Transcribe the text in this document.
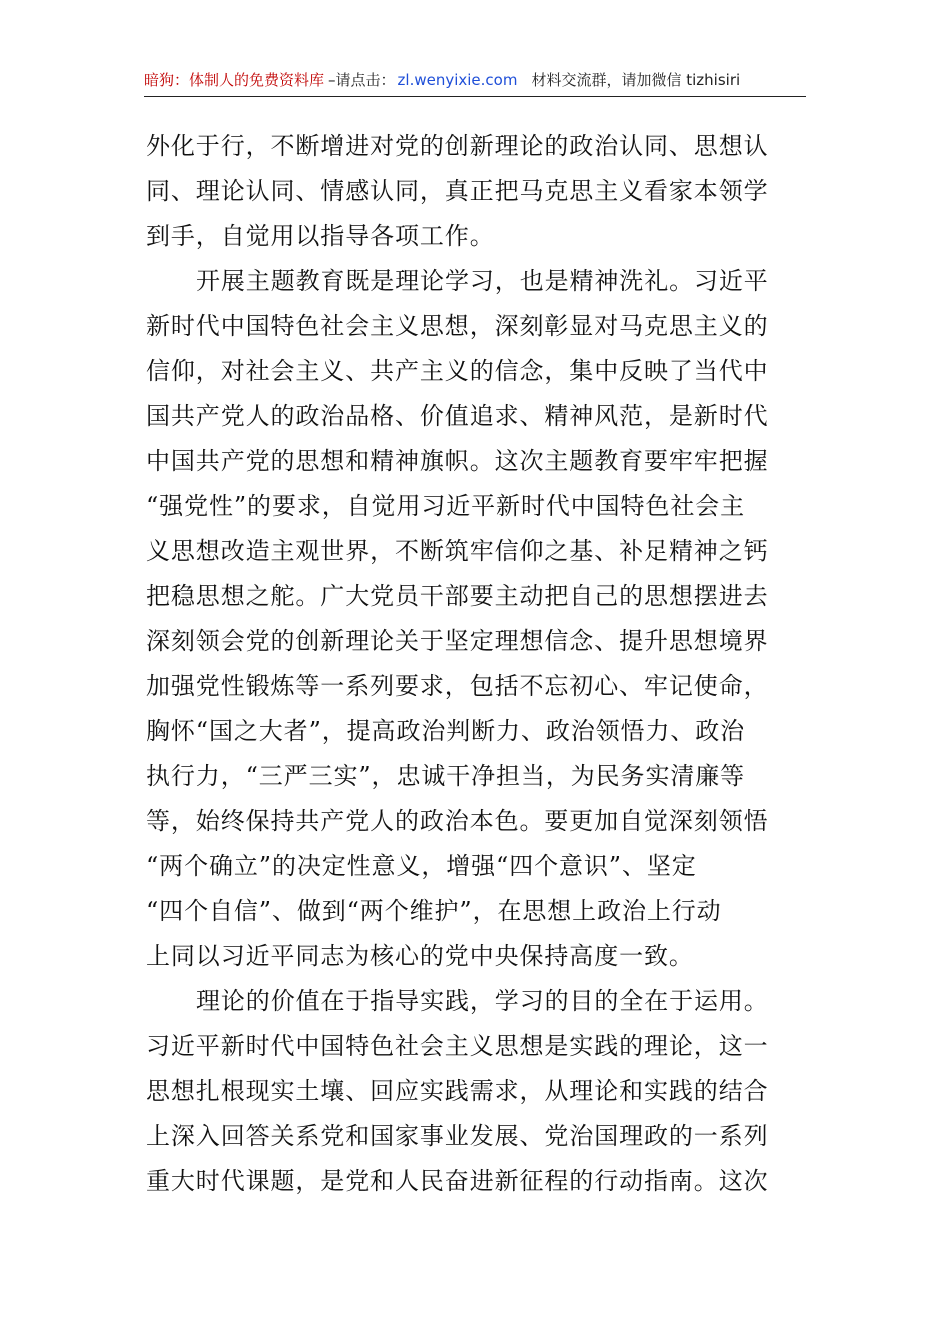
暗狗：体制人的免费资料库 –请点击： zl.wenyixie.com 材料交流群，请加微信 tizhisiri
外化于行，不断增进对党的创新理论的政治认同、思想认
同、理论认同、情感认同，真正把马克思主义看家本领学
到手，自觉用以指导各项工作。
开展主题教育既是理论学习，也是精神洗礼。习近平
新时代中国特色社会主义思想，深刻彰显对马克思主义的
信仰，对社会主义、共产主义的信念，集中反映了当代中
国共产党人的政治品格、价值追求、精神风范，是新时代
中国共产党的思想和精神旗帜。这次主题教育要牢牢把握
“强党性”的要求，自觉用习近平新时代中国特色社会主
义思想改造主观世界，不断筑牢信仰之基、补足精神之钙
把稳思想之舵。广大党员干部要主动把自己的思想摆进去
深刻领会党的创新理论关于坚定理想信念、提升思想境界
加强党性锻炼等一系列要求，包括不忘初心、牢记使命，
胸怀“国之大者”，提高政治判断力、政治领悟力、政治
执行力，“三严三实”，忠诚干净担当，为民务实清廉等
等，始终保持共产党人的政治本色。要更加自觉深刻领悟
“两个确立”的决定性意义，增强“四个意识”、坚定
“四个自信”、做到“两个维护”，在思想上政治上行动
上同以习近平同志为核心的党中央保持高度一致。
理论的价值在于指导实践，学习的目的全在于运用。
习近平新时代中国特色社会主义思想是实践的理论，这一
思想扎根现实土壤、回应实践需求，从理论和实践的结合
上深入回答关系党和国家事业发展、党治国理政的一系列
重大时代课题，是党和人民奋进新征程的行动指南。这次
